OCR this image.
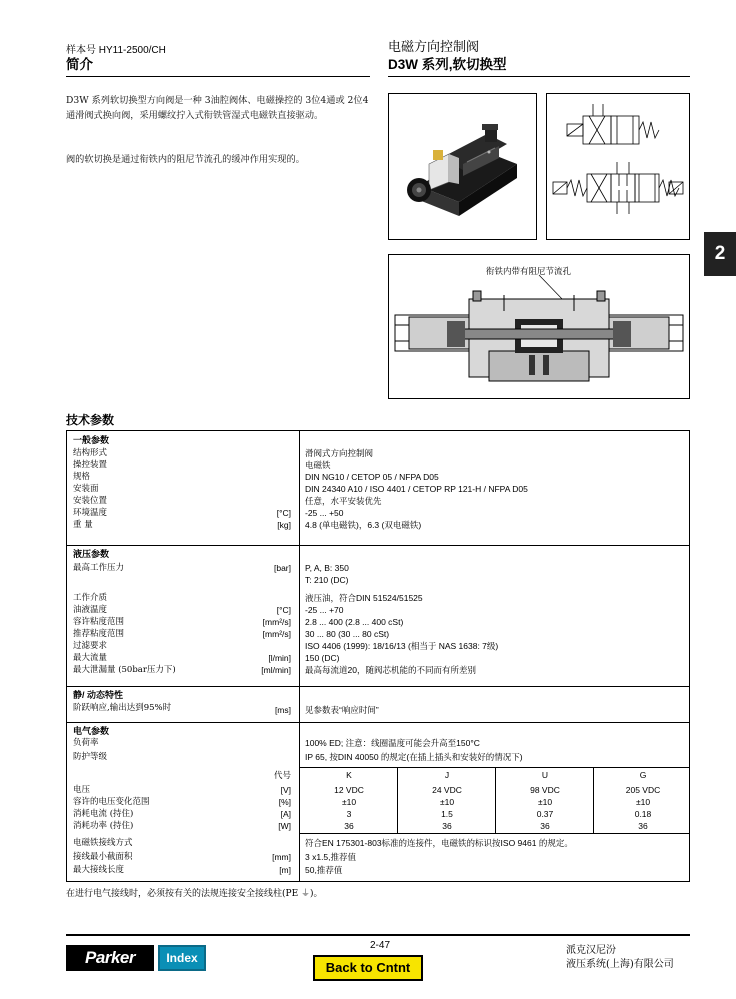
样本号 HY11-2500/CH
简介
电磁方向控制阀
D3W 系列,软切换型
D3W 系列软切换型方向阀是一种 3油腔阀体、电磁操控的 3位4通或 2位4通滑阀式换向阀，采用螺纹拧入式衔铁管湿式电磁铁直接驱动。
阀的软切换是通过衔铁内的阻尼节流孔的缓冲作用实现的。
2
衔铁内带有阻尼节流孔
技术参数
一般参数
结构形式	滑阀式方向控制阀
操控装置	电磁铁
规格	DIN NG10 / CETOP 05 / NFPA D05
安装面	DIN 24340 A10 / ISO 4401 / CETOP RP 121-H / NFPA D05
安装位置	任意，水平安装优先
环境温度	[°C] -25 ... +50
重 量	[kg] 4.8 (单电磁铁)，6.3 (双电磁铁)
液压参数
最高工作压力	[bar] P, A, B: 350
T: 210 (DC)
工作介质	液压油，符合DIN 51524/51525
油液温度	[°C] -25 ... +70
容许粘度范围	[mm²/s] 2.8 ... 400 (2.8 ... 400 cSt)
推荐粘度范围	[mm²/s] 30 ... 80 (30 ... 80 cSt)
过滤要求	ISO 4406 (1999): 18/16/13 (相当于 NAS 1638: 7级)
最大流量	[l/min] 150 (DC)
最大泄漏量 (50bar压力下)	[ml/min] 最高每流道20，随阀芯机能的不同而有所差别
静/ 动态特性
阶跃响应,输出达到95%时	[ms] 见参数表“响应时间”
电气参数
负荷率	100% ED; 注意：线圈温度可能会升高至150°C
防护等级	IP 65, 按DIN 40050 的规定(在插上插头和安装好的情况下)
代号	K	J	U	G
电压	[V]	12 VDC	24 VDC	98 VDC	205 VDC
容许的电压变化范围	[%]	±10	±10	±10	±10
消耗电流 (持住)	[A]	3	1.5	0.37	0.18
消耗功率 (持住)	[W]	36	36	36	36
电磁铁接线方式	符合EN 175301-803标准的连接件，电磁铁的标识按ISO 9461 的规定。
接线最小截面积	[mm] 3 x1.5,推荐值
最大接线长度	[m] 50,推荐值
在进行电气接线时，必须按有关的法规连接安全接线柱(PE ⏚)。
Parker	Index
2-47
Back to Cntnt
派克汉尼汾
液压系统(上海)有限公司
